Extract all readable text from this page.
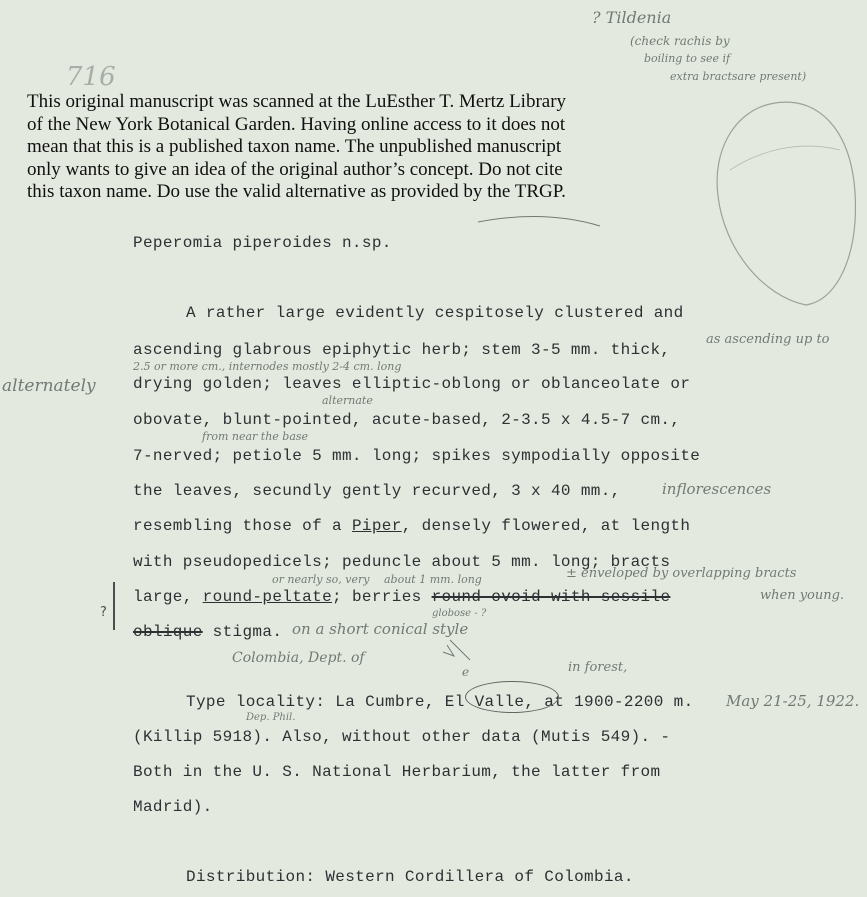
This original manuscript was scanned at the LuEsther T. Mertz Library
of the New York Botanical Garden. Having online access to it does not
mean that this is a published taxon name. The unpublished manuscript
only wants to give an idea of the original author’s concept. Do not cite
this taxon name. Do use the valid alternative as provided by the TRGP.

? Tildenia

(check rachis by

boiling to see if

extra bractsare present)

716

Peperomia piperoides n.sp.

A rather large evidently cespitosely clustered and

as ascending up to

ascending glabrous epiphytic herb; stem 3-5 mm. thick,

2.5 or more cm., internodes mostly 2-4 cm. long

alternately drying golden; leaves elliptic-oblong or oblanceolate or

alternate

obovate, blunt-pointed, acute-based, 2-3.5 x 4.5-7 cm.,

from near the base

7-nerved; petiole 5 mm. long; spikes sympodially opposite

inflorescences

the leaves, secundly gently recurved, 3 x 40 mm.,

resembling those of a Piper, densely flowered, at length

with pseudopedicels; peduncle about 5 mm. long; bracts

or nearly so, very about 1 mm. long	± enveloped by overlapping bracts

when young.

?

large, round-peltate; berries round-ovoid with sessile

globose - ?

oblique stigma. on a short conical style

Colombia, Dept. of

e	in forest,

Type locality: La Cumbre, El Valle, at 1900-2200 m. May 21-25, 1922.

Dep. Phil.

(Killip 5918). Also, without other data (Mutis 549). -

Both in the U. S. National Herbarium, the latter from

Madrid).

Distribution: Western Cordillera of Colombia.
